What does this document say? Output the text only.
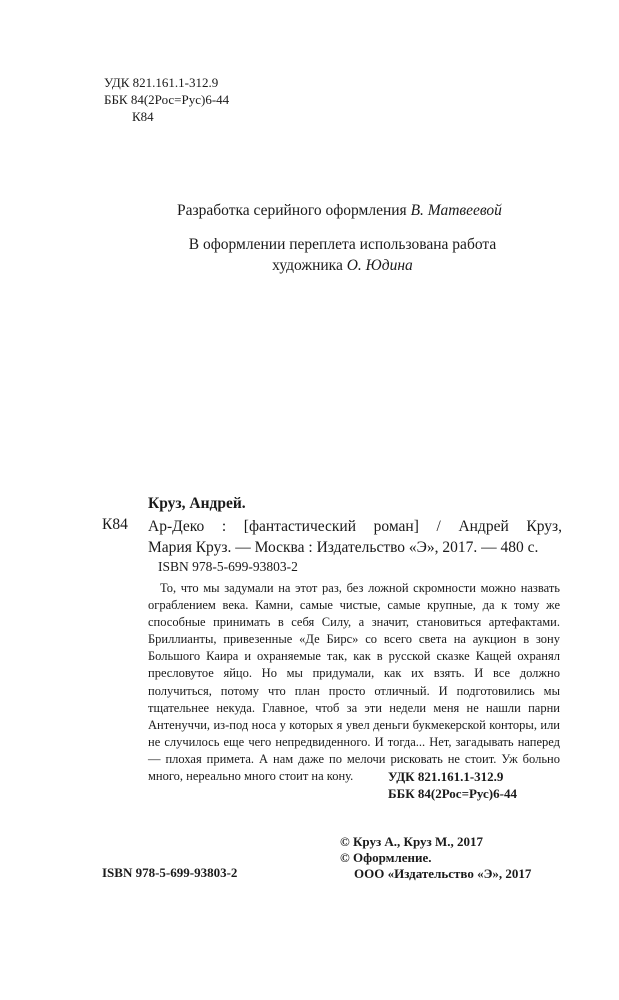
УДК 821.161.1-312.9
ББК 84(2Рос=Рус)6-44
К84
Разработка серийного оформления В. Матвеевой
В оформлении переплета использована работа
художника О. Юдина
Круз, Андрей.
К84 Ар-Деко : [фантастический роман] / Андрей Круз,
Мария Круз. — Москва : Издательство «Э», 2017. — 480 с.
ISBN 978-5-699-93803-2

То, что мы задумали на этот раз, без ложной скромности можно назвать ограблением века. Камни, самые чистые, самые крупные, да к тому же способные принимать в себя Силу, а значит, становиться артефактами. Бриллианты, привезенные «Де Бирс» со всего света на аукцион в зону Большого Каира и охраняемые так, как в русской сказке Кащей охранял пресловутое яйцо. Но мы придумали, как их взять. И все должно получиться, потому что план просто отличный. И подготовились мы тщательнее некуда. Главное, чтоб за эти недели меня не нашли парни Антенуччи, из-под носа у которых я увел деньги букмекерской конторы, или не случилось еще чего непредвиденного. И тогда... Нет, загадывать наперед — плохая примета. А нам даже по мелочи рисковать не стоит. Уж больно много, нереально много стоит на кону.	УДК 821.161.1-312.9
ББК 84(2Рос=Рус)6-44
© Круз А., Круз М., 2017
© Оформление.
ООО «Издательство «Э», 2017
ISBN 978-5-699-93803-2
